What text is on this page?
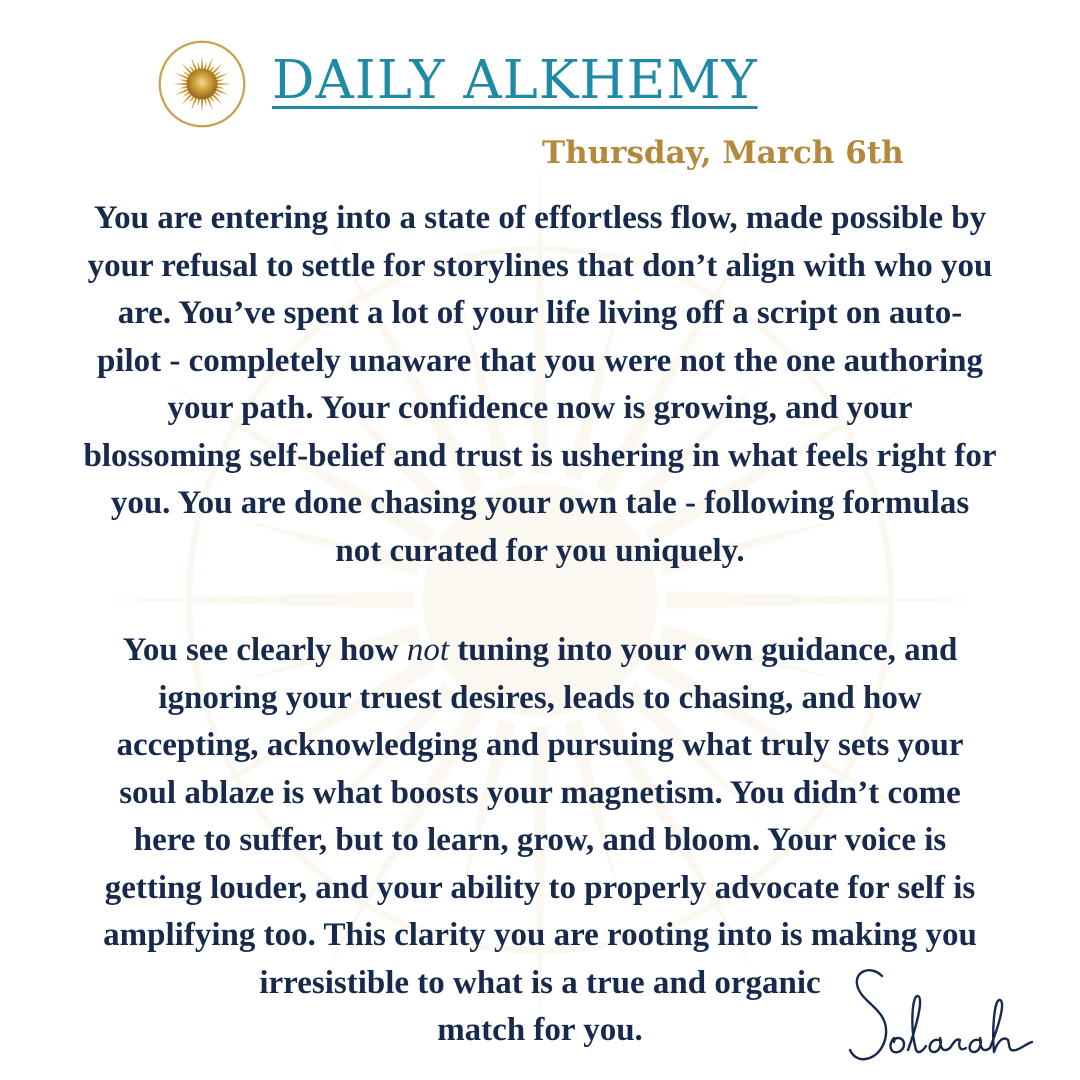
DAILY ALKHEMY
Thursday, March 6th

You are entering into a state of effortless flow, made possible by
your refusal to settle for storylines that don’t align with who you
are. You’ve spent a lot of your life living off a script on auto-
pilot - completely unaware that you were not the one authoring
your path. Your confidence now is growing, and your
blossoming self-belief and trust is ushering in what feels right for
you. You are done chasing your own tale - following formulas
not curated for you uniquely.

You see clearly how not tuning into your own guidance, and
ignoring your truest desires, leads to chasing, and how
accepting, acknowledging and pursuing what truly sets your
soul ablaze is what boosts your magnetism. You didn’t come
here to suffer, but to learn, grow, and bloom. Your voice is
getting louder, and your ability to properly advocate for self is
amplifying too. This clarity you are rooting into is making you
irresistible to what is a true and organic
match for you.
